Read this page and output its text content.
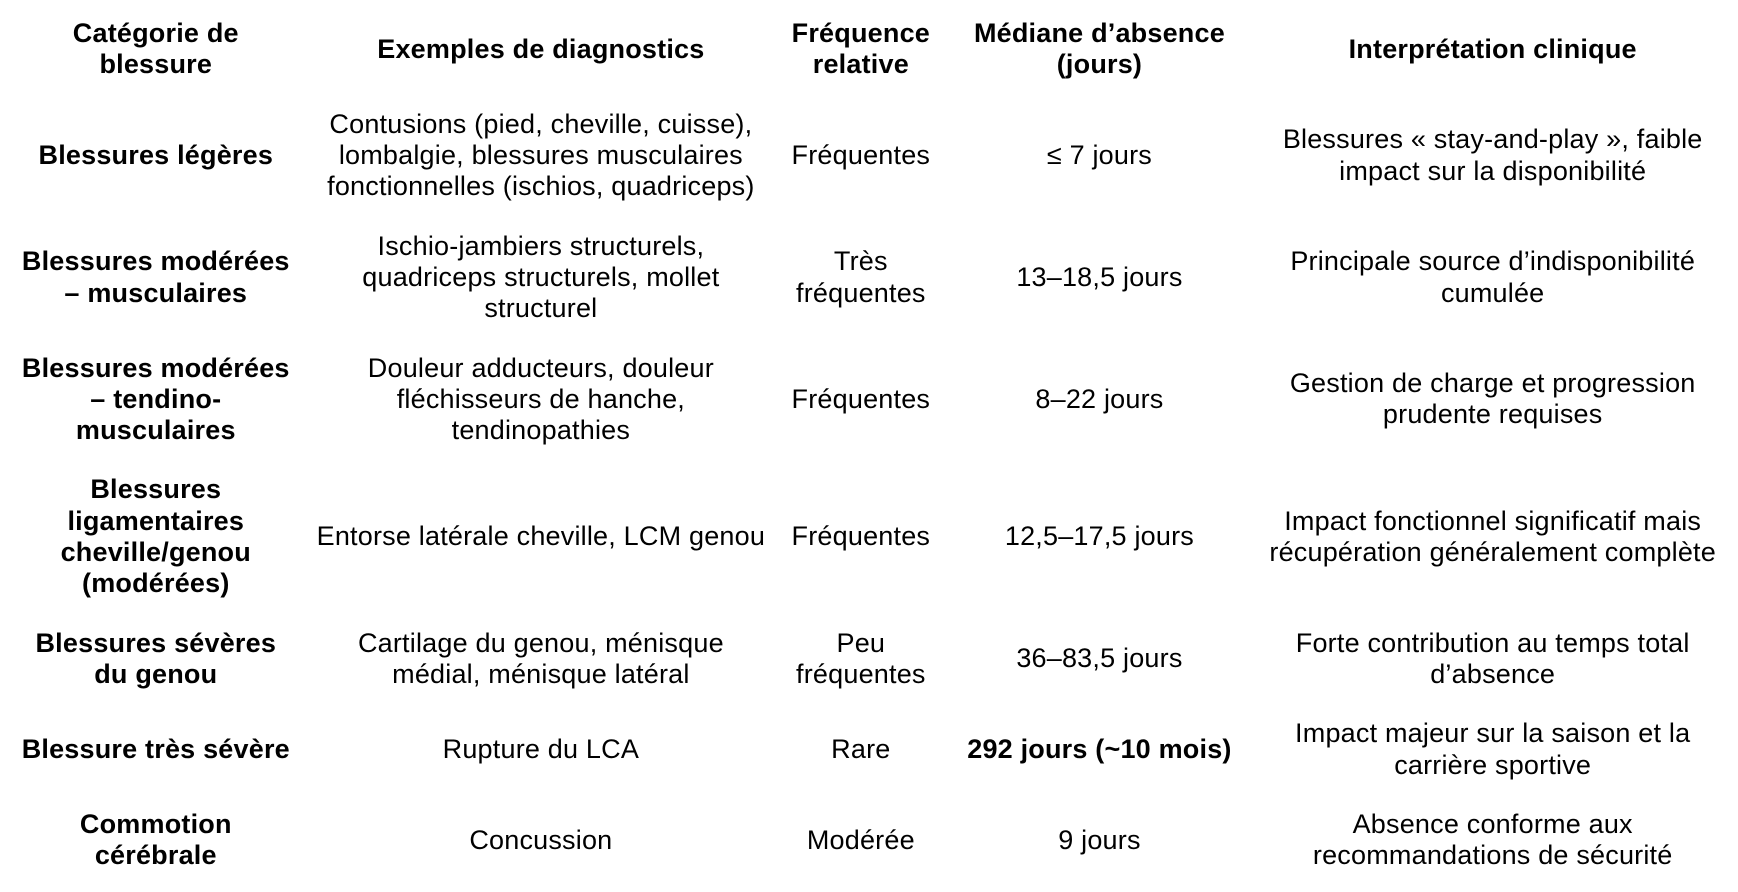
Catégorie de blessure	Exemples de diagnostics	Fréquence relative	Médiane d’absence (jours)	Interprétation clinique
Blessures légères	Contusions (pied, cheville, cuisse), lombalgie, blessures musculaires fonctionnelles (ischios, quadriceps)	Fréquentes	≤ 7 jours	Blessures « stay-and-play », faible impact sur la disponibilité
Blessures modérées – musculaires	Ischio-jambiers structurels, quadriceps structurels, mollet structurel	Très fréquentes	13–18,5 jours	Principale source d’indisponibilité cumulée
Blessures modérées – tendino-musculaires	Douleur adducteurs, douleur fléchisseurs de hanche, tendinopathies	Fréquentes	8–22 jours	Gestion de charge et progression prudente requises
Blessures ligamentaires cheville/genou (modérées)	Entorse latérale cheville, LCM genou	Fréquentes	12,5–17,5 jours	Impact fonctionnel significatif mais récupération généralement complète
Blessures sévères du genou	Cartilage du genou, ménisque médial, ménisque latéral	Peu fréquentes	36–83,5 jours	Forte contribution au temps total d’absence
Blessure très sévère	Rupture du LCA	Rare	292 jours (~10 mois)	Impact majeur sur la saison et la carrière sportive
Commotion cérébrale	Concussion	Modérée	9 jours	Absence conforme aux recommandations de sécurité
